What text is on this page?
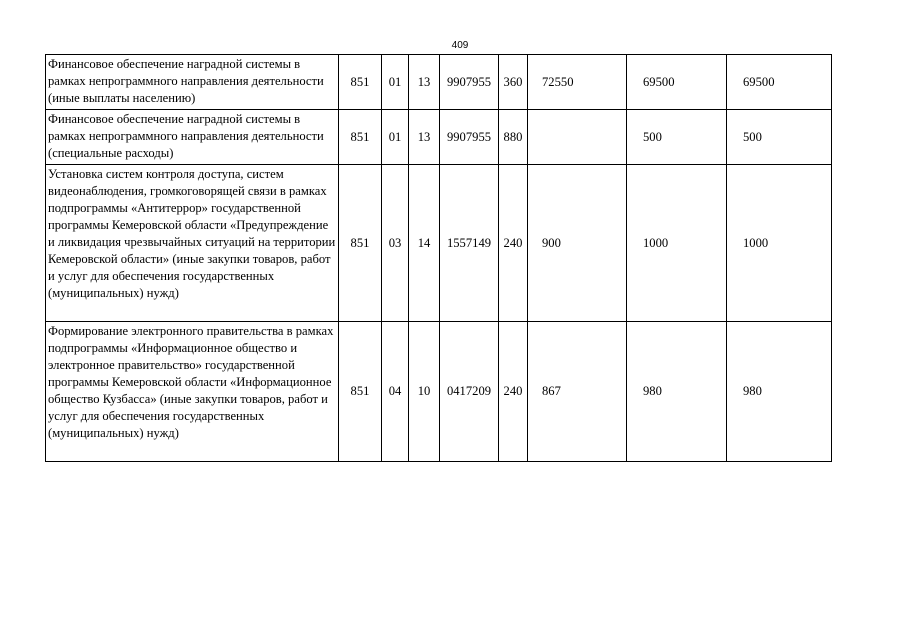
409
Финансовое обеспечение наградной системы в рамках непрограммного направления деятельности (иные выплаты населению)	851	01	13	9907955	360	72550	69500	69500
Финансовое обеспечение наградной системы в рамках непрограммного направления деятельности (специальные расходы)	851	01	13	9907955	880		500	500
Установка систем контроля доступа, систем видеонаблюдения, громкоговорящей связи в рамках подпрограммы «Антитеррор» государственной программы Кемеровской области «Предупреждение и ликвидация чрезвычайных ситуаций на территории Кемеровской области» (иные закупки товаров, работ и услуг для обеспечения государственных (муниципальных) нужд)	851	03	14	1557149	240	900	1000	1000
Формирование электронного правительства в рамках подпрограммы «Информационное общество и электронное правительство» государственной программы Кемеровской области «Информационное общество Кузбасса» (иные закупки товаров, работ и услуг для обеспечения государственных (муниципальных) нужд)	851	04	10	0417209	240	867	980	980
